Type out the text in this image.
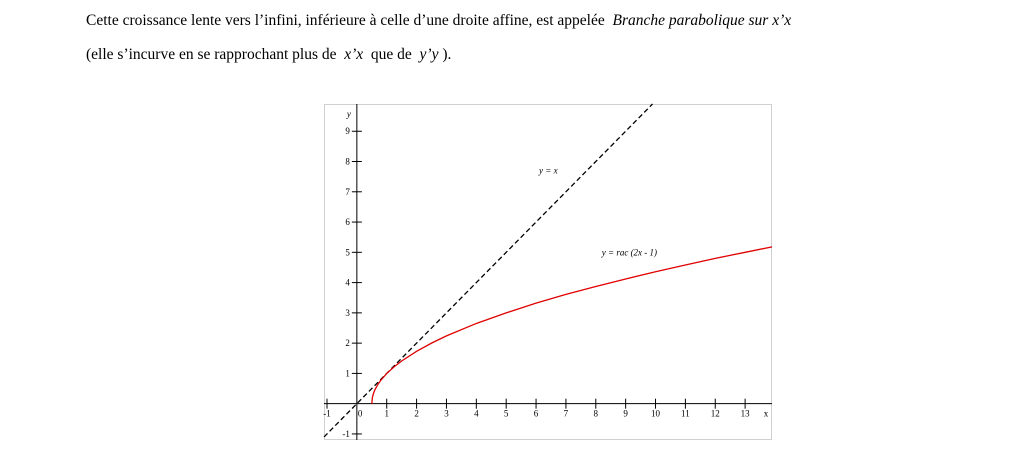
Cette croissance lente vers l’infini, inférieure à celle d’une droite affine, est appelée Branche parabolique sur x’x
(elle s’incurve en se rapprochant plus de x’x que de y’y ).
-1	0 1	2	3	4	5	6	7	8	9	10 11 12 13
-1
1
2
3
4
5
6
7
8
9
x
y
y = x
y = rac (2x - 1)
